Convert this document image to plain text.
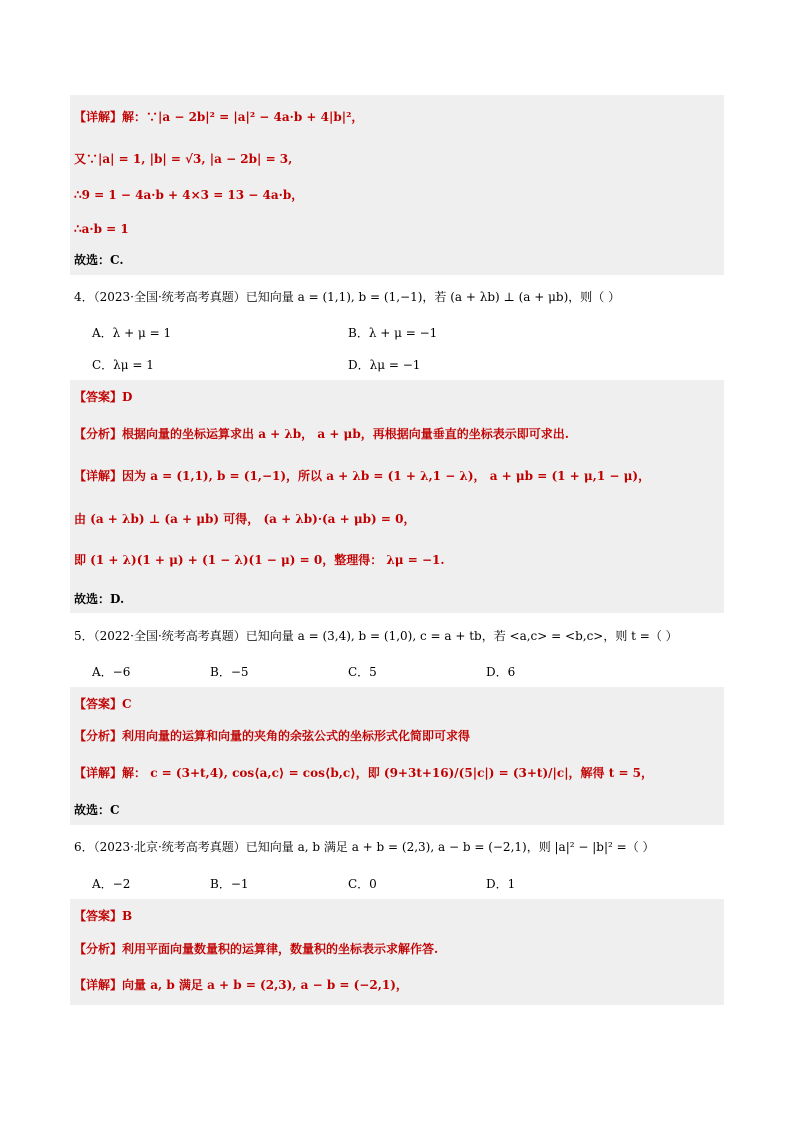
【详解】解：∵|a − 2b|² = |a|² − 4a·b + 4|b|²，
又∵|a| = 1, |b| = √3, |a − 2b| = 3,
∴9 = 1 − 4a·b + 4×3 = 13 − 4a·b，
∴a·b = 1
故选：C.
4．（2023·全国·统考高考真题）已知向量 a = (1,1), b = (1,−1)，若 (a + λb) ⊥ (a + μb)，则（ ）
A．λ + μ = 1	B．λ + μ = −1
C．λμ = 1	D．λμ = −1
【答案】D
【分析】根据向量的坐标运算求出 a + λb， a + μb，再根据向量垂直的坐标表示即可求出.
【详解】因为 a = (1,1), b = (1,−1)，所以 a + λb = (1 + λ,1 − λ)， a + μb = (1 + μ,1 − μ)，
由 (a + λb) ⊥ (a + μb) 可得， (a + λb)·(a + μb) = 0，
即 (1 + λ)(1 + μ) + (1 − λ)(1 − μ) = 0，整理得： λμ = −1.
故选：D.
5．（2022·全国·统考高考真题）已知向量 a = (3,4), b = (1,0), c = a + tb，若 <a,c> = <b,c>，则 t =（ ）
A．−6	B．−5	C．5	D．6
【答案】C
【分析】利用向量的运算和向量的夹角的余弦公式的坐标形式化简即可求得
【详解】解： c = (3+t,4), cos⟨a,c⟩ = cos⟨b,c⟩，即 (9+3t+16)/(5|c|) = (3+t)/|c|，解得 t = 5，
故选：C
6．（2023·北京·统考高考真题）已知向量 a, b 满足 a + b = (2,3), a − b = (−2,1)，则 |a|² − |b|² =（ ）
A．−2	B．−1	C．0	D．1
【答案】B
【分析】利用平面向量数量积的运算律，数量积的坐标表示求解作答.
【详解】向量 a, b 满足 a + b = (2,3), a − b = (−2,1)，
